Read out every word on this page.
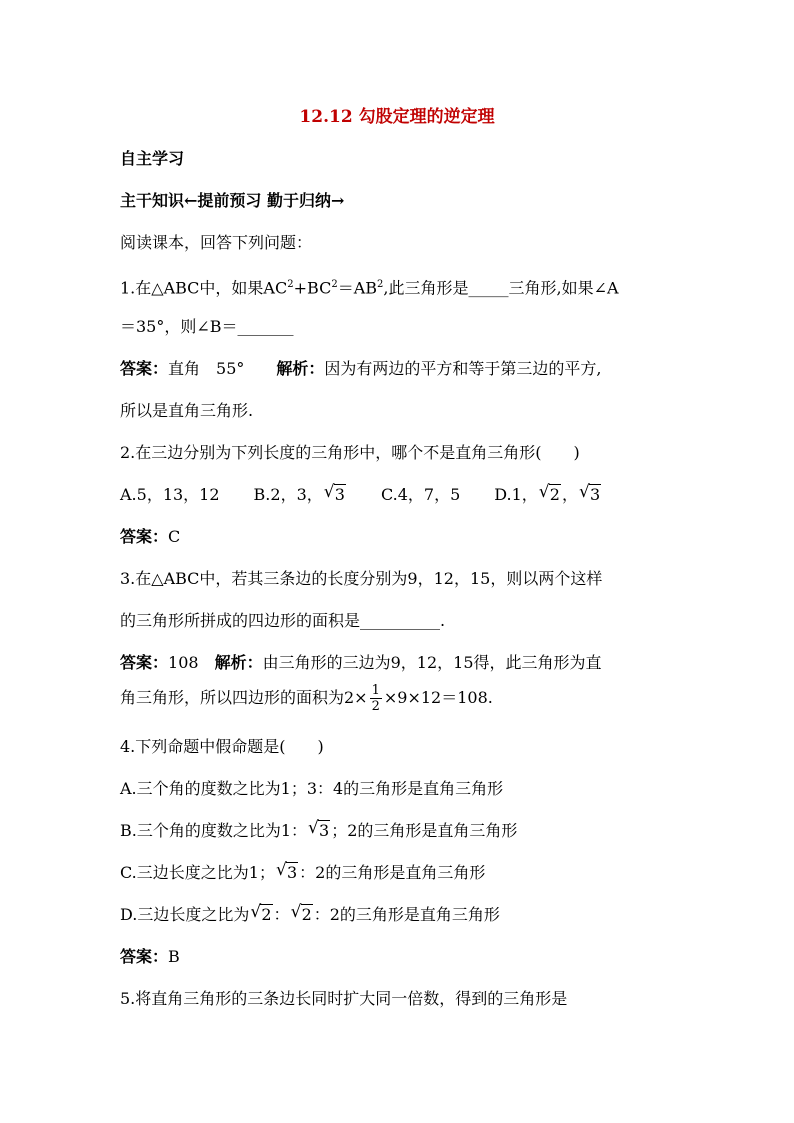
12.12 勾股定理的逆定理
自主学习
主干知识←提前预习 勤于归纳→
阅读课本，回答下列问题：
1.在△ABC中，如果$AC^2+BC^2=AB^2$,此三角形是_____三角形,如果∠A
＝35°，则∠B＝_______
答案：直角　55°　　 解析：因为有两边的平方和等于第三边的平方,
所以是直角三角形.
2.在三边分别为下列长度的三角形中，哪个不是直角三角形(　　)
A.5，13，12 B.2，3， √ 3 C.4，7，5 D.1， √ 2 ， √ 3
答案：C
3.在△ABC中，若其三条边的长度分别为9，12，15，则以两个这样
的三角形所拼成的四边形的面积是__________.
答案：108　 解析：由三角形的三边为9，12，15得，此三角形为直
角三角形，所以四边形的面积为$2\times \frac{1}{2} \times 9\times 12=108$.
4.下列命题中假命题是(　　)
A.三个角的度数之比为1；3：4的三角形是直角三角形
B.三个角的度数之比为1： √ 3 ；2的三角形是直角三角形
C.三边长度之比为1； √ 3 ：2的三角形是直角三角形
D.三边长度之比为 √ 2 ： √ 2 ：2的三角形是直角三角形
答案：B
5.将直角三角形的三条边长同时扩大同一倍数，得到的三角形是
